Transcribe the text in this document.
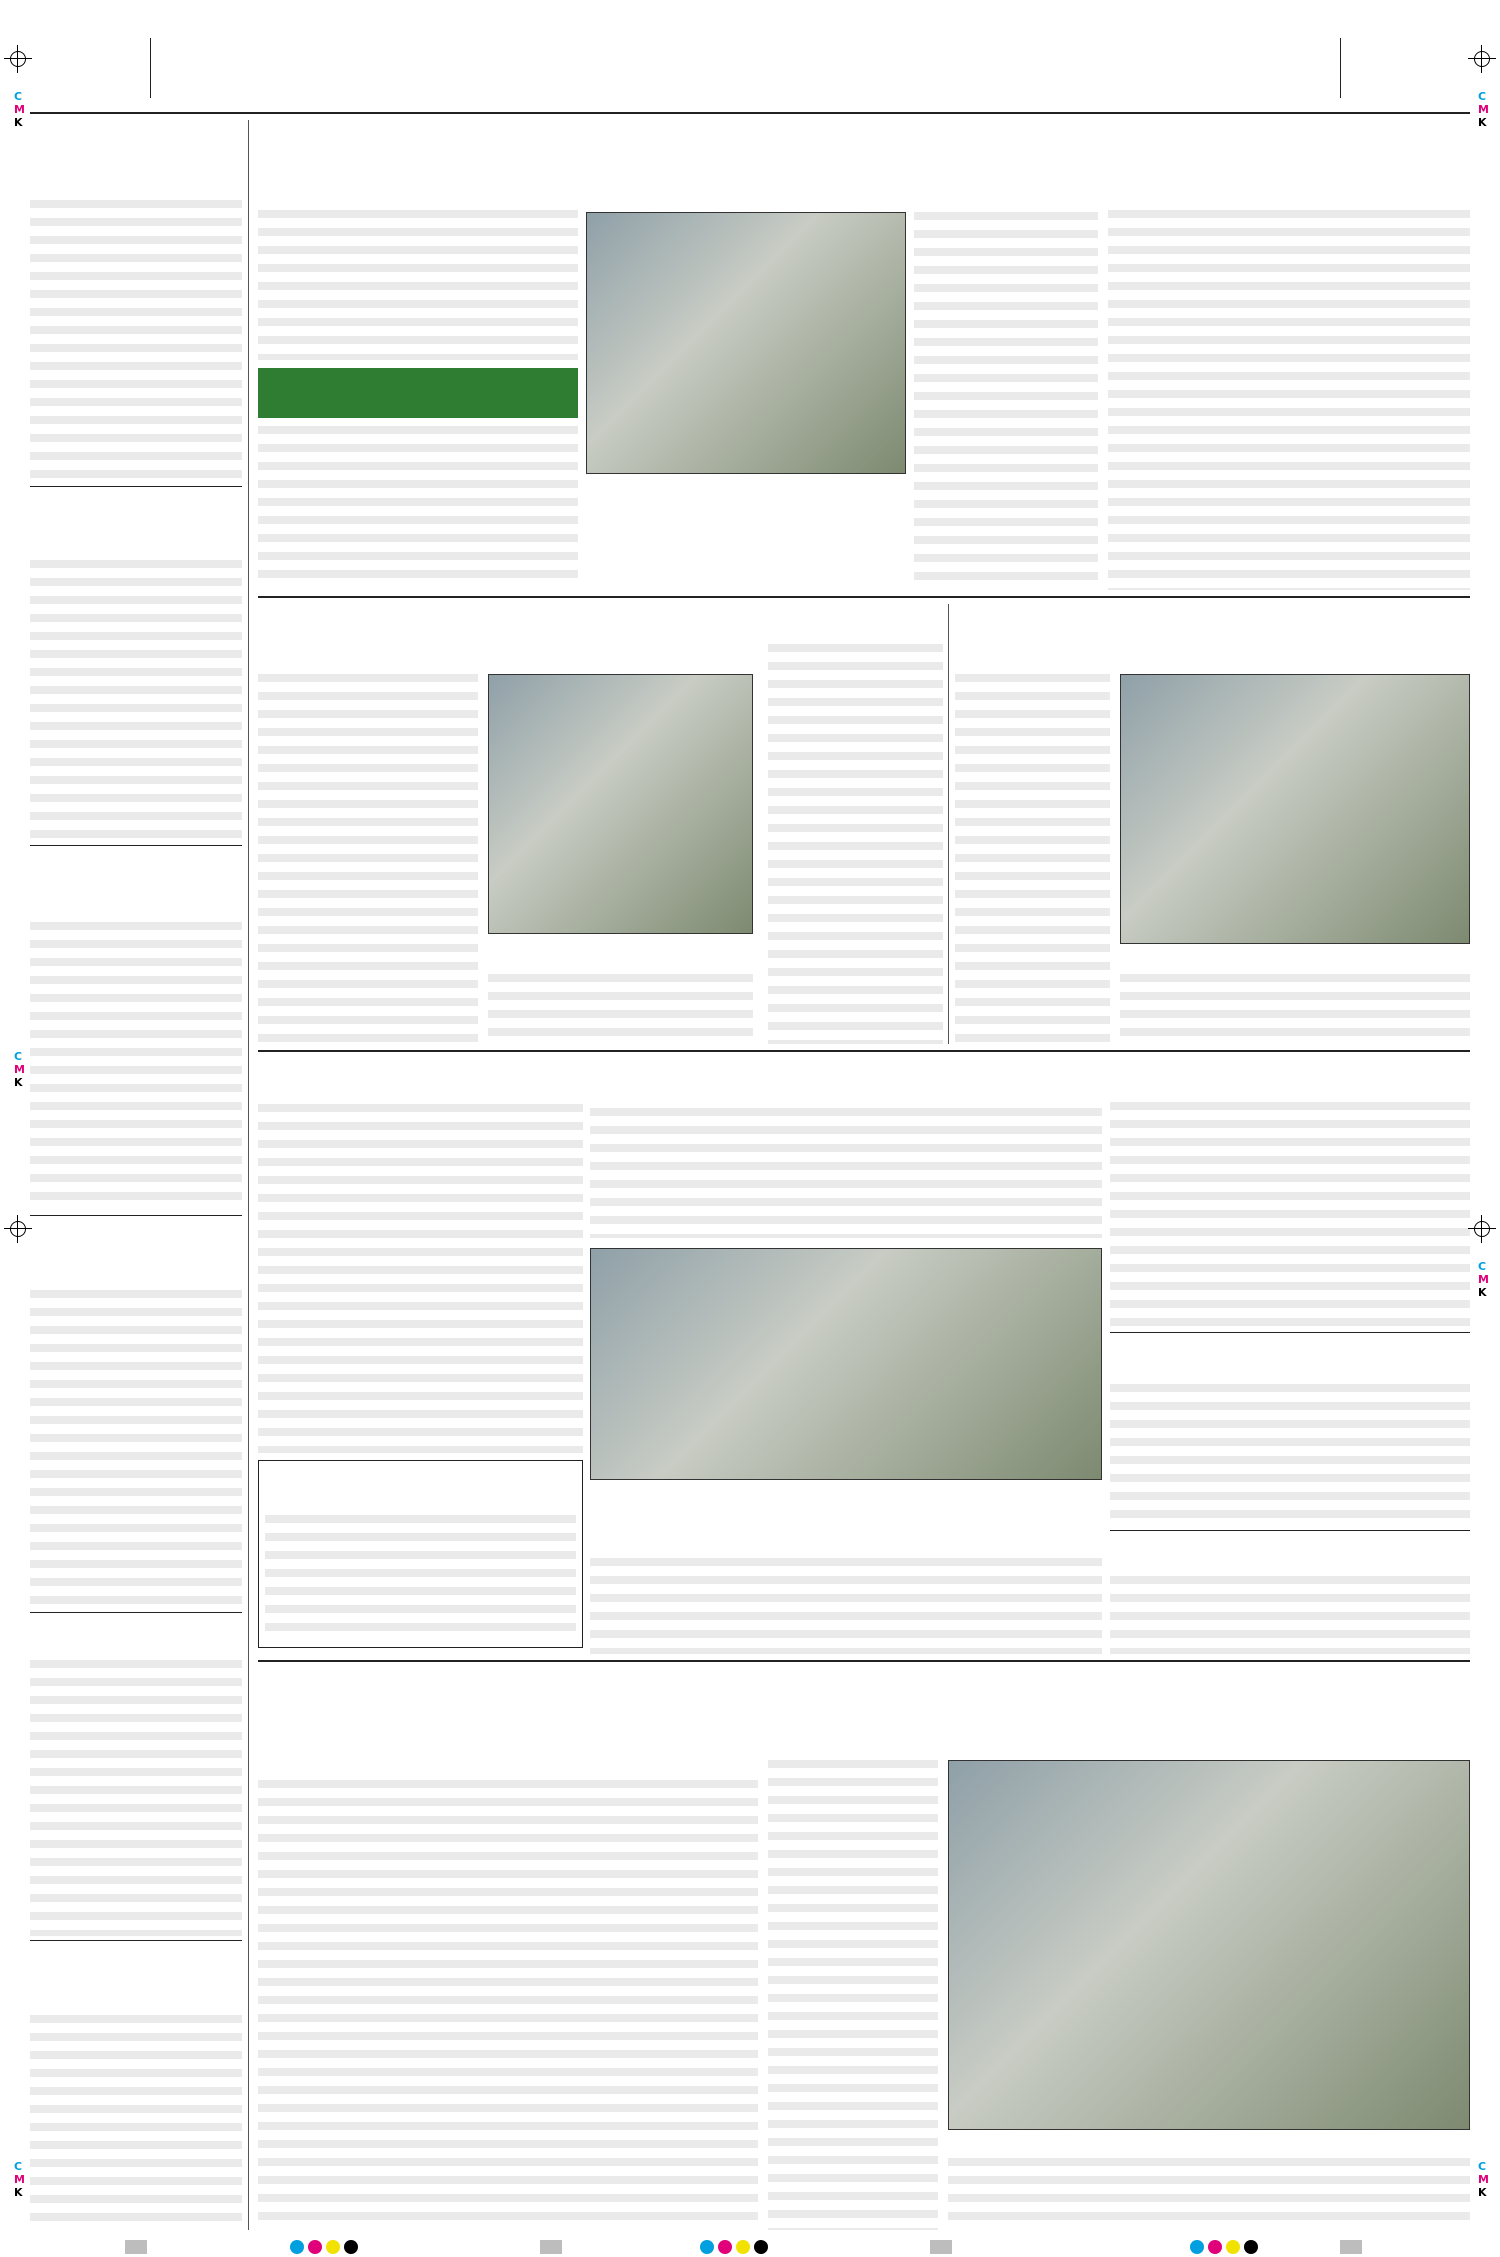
C
M
K
C
M
K
C
M
K
C
M
K
C
M
K
C
M
K
